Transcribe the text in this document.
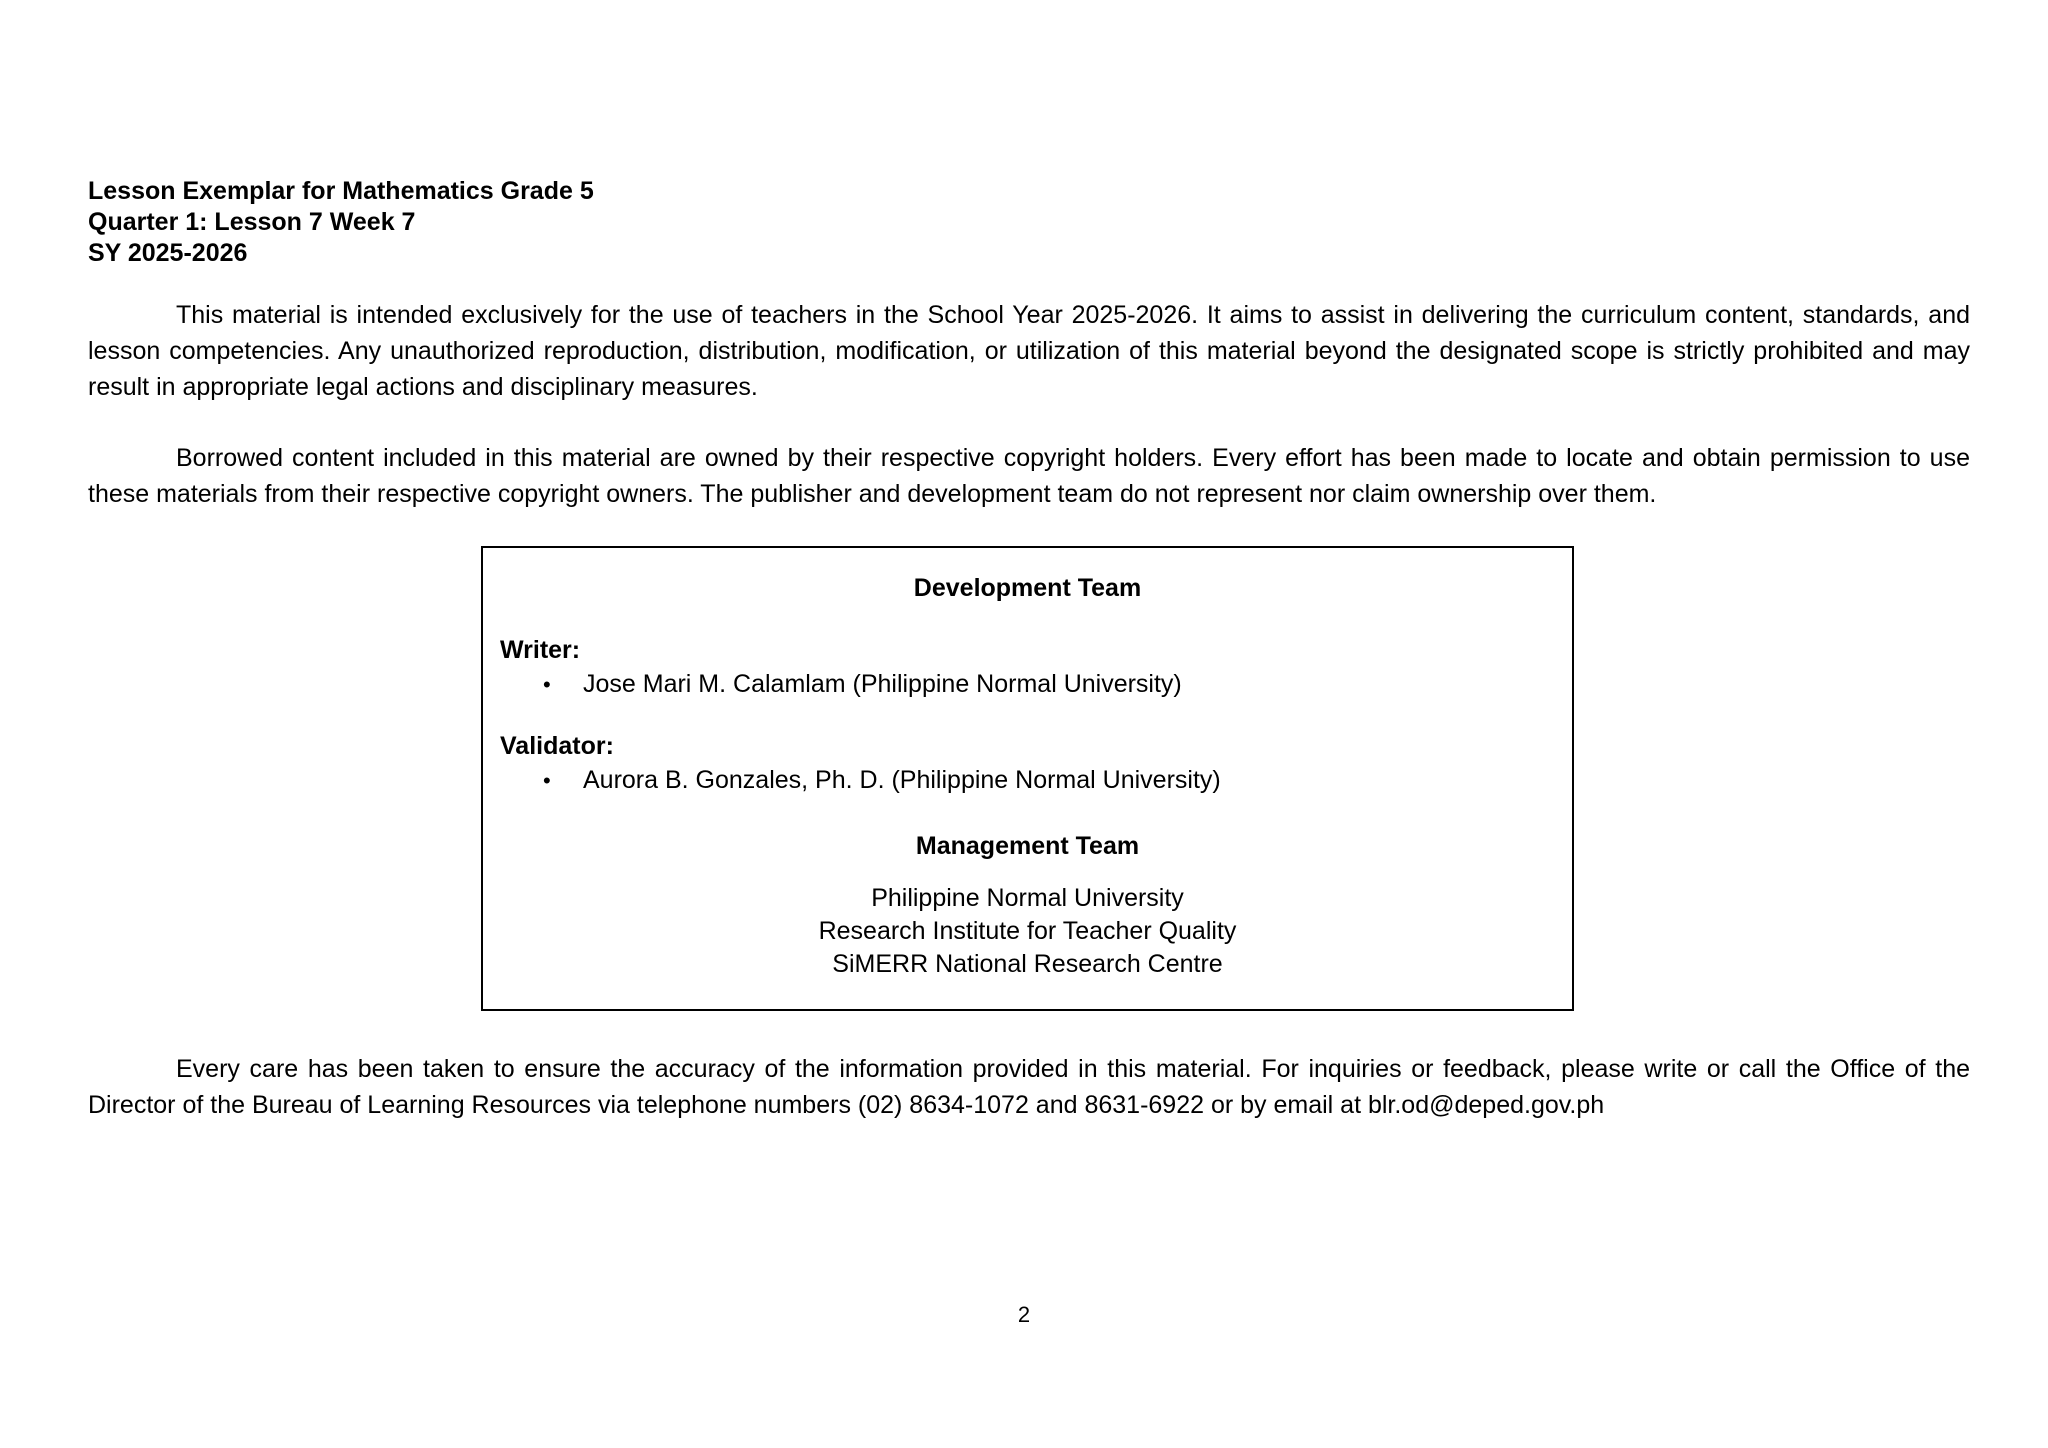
Lesson Exemplar for Mathematics Grade 5
Quarter 1: Lesson 7 Week 7
SY 2025-2026

This material is intended exclusively for the use of teachers in the School Year 2025-2026. It aims to assist in delivering the curriculum content, standards, and lesson competencies. Any unauthorized reproduction, distribution, modification, or utilization of this material beyond the designated scope is strictly prohibited and may result in appropriate legal actions and disciplinary measures.

Borrowed content included in this material are owned by their respective copyright holders. Every effort has been made to locate and obtain permission to use these materials from their respective copyright owners. The publisher and development team do not represent nor claim ownership over them.

Development Team
Writer:
• Jose Mari M. Calamlam (Philippine Normal University)
Validator:
• Aurora B. Gonzales, Ph. D. (Philippine Normal University)
Management Team
Philippine Normal University
Research Institute for Teacher Quality
SiMERR National Research Centre

Every care has been taken to ensure the accuracy of the information provided in this material. For inquiries or feedback, please write or call the Office of the Director of the Bureau of Learning Resources via telephone numbers (02) 8634-1072 and 8631-6922 or by email at blr.od@deped.gov.ph

2
